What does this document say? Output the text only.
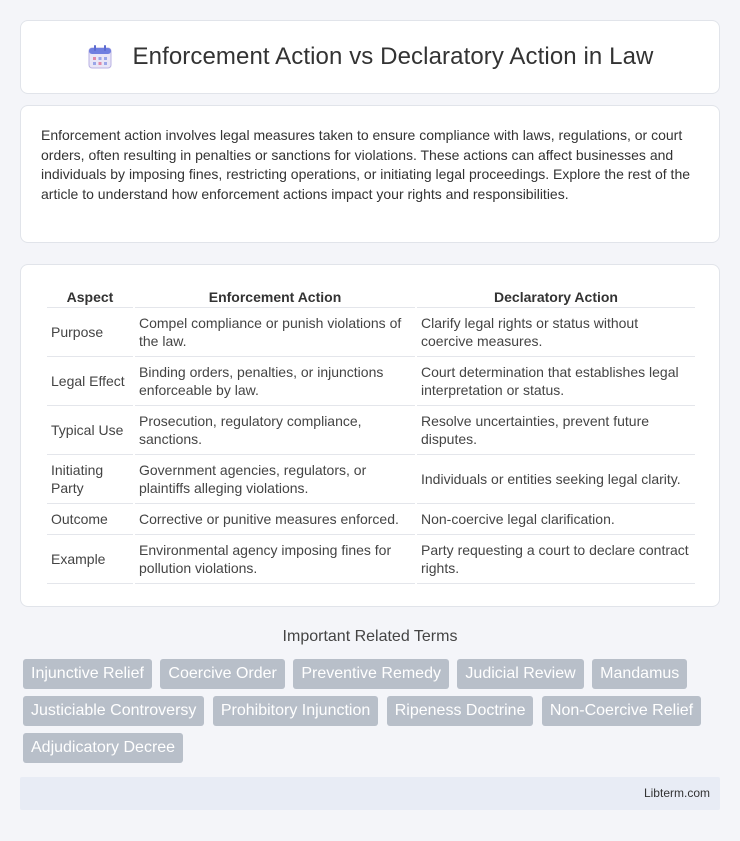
Enforcement Action vs Declaratory Action in Law

Enforcement action involves legal measures taken to ensure compliance with laws, regulations, or court orders, often resulting in penalties or sanctions for violations. These actions can affect businesses and individuals by imposing fines, restricting operations, or initiating legal proceedings. Explore the rest of the article to understand how enforcement actions impact your rights and responsibilities.

Aspect	Enforcement Action	Declaratory Action
Purpose	Compel compliance or punish violations of the law.	Clarify legal rights or status without coercive measures.
Legal Effect	Binding orders, penalties, or injunctions enforceable by law.	Court determination that establishes legal interpretation or status.
Typical Use	Prosecution, regulatory compliance, sanctions.	Resolve uncertainties, prevent future disputes.
Initiating Party	Government agencies, regulators, or plaintiffs alleging violations.	Individuals or entities seeking legal clarity.
Outcome	Corrective or punitive measures enforced.	Non-coercive legal clarification.
Example	Environmental agency imposing fines for pollution violations.	Party requesting a court to declare contract rights.
Important Related Terms
Injunctive Relief Coercive Order Preventive Remedy Judicial Review Mandamus Justiciable Controversy Prohibitory Injunction Ripeness Doctrine Non-Coercive Relief Adjudicatory Decree
Libterm.com
